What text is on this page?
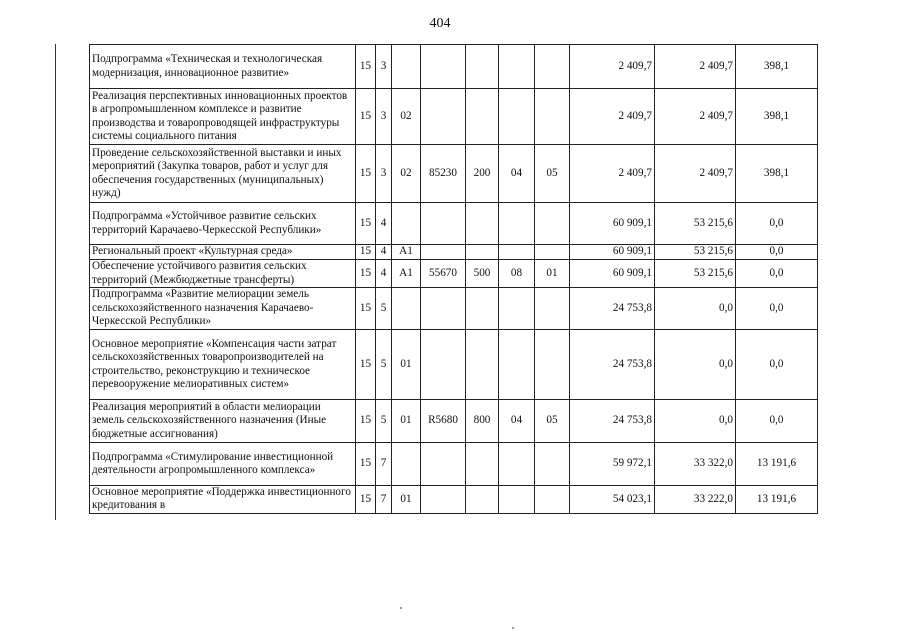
404
Подпрограмма «Техническая и технологическая модернизация, инновационное развитие»	15	3						2 409,7	2 409,7	398,1
Реализация перспективных инновационных проектов в агропромышленном комплексе и развитие производства и товаропроводящей инфраструктуры системы социального питания	15	3	02					2 409,7	2 409,7	398,1
Проведение сельскохозяйственной выставки и иных мероприятий (Закупка товаров, работ и услуг для обеспечения государственных (муниципальных) нужд)	15	3	02	85230	200	04	05	2 409,7	2 409,7	398,1
Подпрограмма «Устойчивое развитие сельских территорий Карачаево-Черкесской Республики»	15	4						60 909,1	53 215,6	0,0
Региональный проект «Культурная среда»	15	4	А1					60 909,1	53 215,6	0,0
Обеспечение устойчивого развития сельских территорий (Межбюджетные трансферты)	15	4	А1	55670	500	08	01	60 909,1	53 215,6	0,0
Подпрограмма «Развитие мелиорации земель сельскохозяйственного назначения Карачаево-Черкесской Республики»	15	5						24 753,8	0,0	0,0
Основное мероприятие «Компенсация части затрат сельскохозяйственных товаропроизводителей на строительство, реконструкцию и техническое перевооружение мелиоративных систем»	15	5	01					24 753,8	0,0	0,0
Реализация мероприятий в области мелиорации земель сельскохозяйственного назначения (Иные бюджетные ассигнования)	15	5	01	R5680	800	04	05	24 753,8	0,0	0,0
Подпрограмма «Стимулирование инвестиционной деятельности агропромышленного комплекса»	15	7						59 972,1	33 322,0	13 191,6
Основное мероприятие «Поддержка инвестиционного кредитования в	15	7	01					54 023,1	33 222,0	13 191,6
